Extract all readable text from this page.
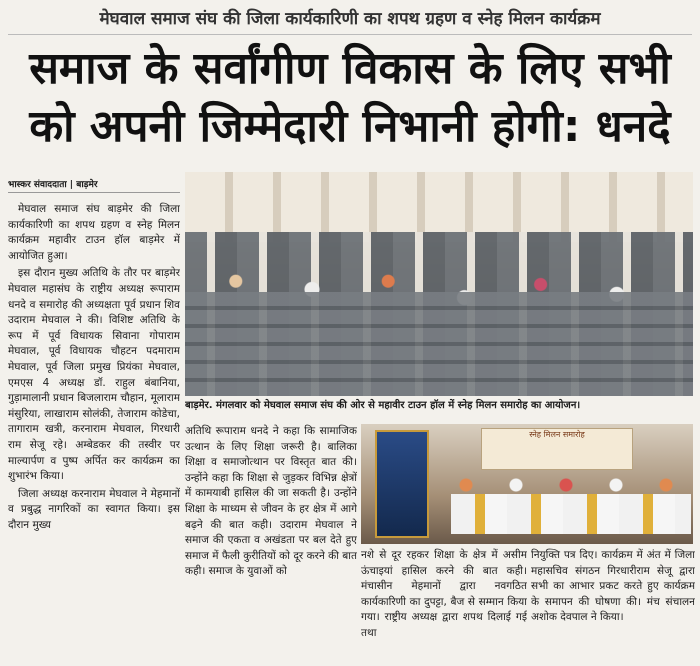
मेघवाल समाज संघ की जिला कार्यकारिणी का शपथ ग्रहण व स्नेह मिलन कार्यक्रम
समाज के सर्वांगीण विकास के लिए सभी
को अपनी जिम्मेदारी निभानी होगी: धनदे
भास्कर संवाददाता | बाड़मेर

मेघवाल समाज संघ बाड़मेर की जिला कार्यकारिणी का शपथ ग्रहण व स्नेह मिलन कार्यक्रम महावीर टाउन हॉल बाड़मेर में आयोजित हुआ।

इस दौरान मुख्य अतिथि के तौर पर बाड़मेर मेघवाल महासंघ के राष्ट्रीय अध्यक्ष रूपाराम धनदे व समारोह की अध्यक्षता पूर्व प्रधान शिव उदाराम मेघवाल ने की। विशिष्ट अतिथि के रूप में पूर्व विधायक सिवाना गोपाराम मेघवाल, पूर्व विधायक चौहटन पदमाराम मेघवाल, पूर्व जिला प्रमुख प्रियंका मेघवाल, एमएस 4 अध्यक्ष डॉ. राहुल बंबानिया, गुड़ामालानी प्रधान बिजलाराम चौहान, मूलाराम मंसुरिया, लाखाराम सोलंकी, तेजाराम कोडेचा, तागाराम खत्री, करनाराम मेघवाल, गिरधारी राम सेजू रहे। अम्बेडकर की तस्वीर पर माल्यार्पण व पुष्प अर्पित कर कार्यक्रम का शुभारंभ किया।

जिला अध्यक्ष करनाराम मेघवाल ने मेहमानों व प्रबुद्ध नागरिकों का स्वागत किया। इस दौरान मुख्य

बाड़मेर. मंगलवार को मेघवाल समाज संघ की ओर से महावीर टाउन हॉल में स्नेह मिलन समारोह का आयोजन।
अतिथि रूपाराम धनदे ने कहा कि सामाजिक उत्थान के लिए शिक्षा जरूरी है। बालिका शिक्षा व समाजोत्थान पर विस्तृत बात की। उन्होंने कहा कि शिक्षा से जुड़कर विभिन्न क्षेत्रों में कामयाबी हासिल की जा सकती है। उन्होंने शिक्षा के माध्यम से जीवन के हर क्षेत्र में आगे बढ़ने की बात कही। उदाराम मेघवाल ने समाज की एकता व अखंडता पर बल देते हुए समाज में फैली कुरीतियों को दूर करने की बात कही। समाज के युवाओं को
स्नेह मिलन समारोह
नशे से दूर रहकर शिक्षा के क्षेत्र में असीम ऊंचाइयां हासिल करने की बात कही। मंचासीन मेहमानों द्वारा नवगठित कार्यकारिणी का दुपट्टा, बैज से सम्मान किया गया। राष्ट्रीय अध्यक्ष द्वारा शपथ दिलाई गई तथा
नियुक्ति पत्र दिए। कार्यक्रम में अंत में जिला महासचिव संगठन गिरधारीराम सेजू द्वारा सभी का आभार प्रकट करते हुए कार्यक्रम के समापन की घोषणा की। मंच संचालन अशोक देवपाल ने किया।
